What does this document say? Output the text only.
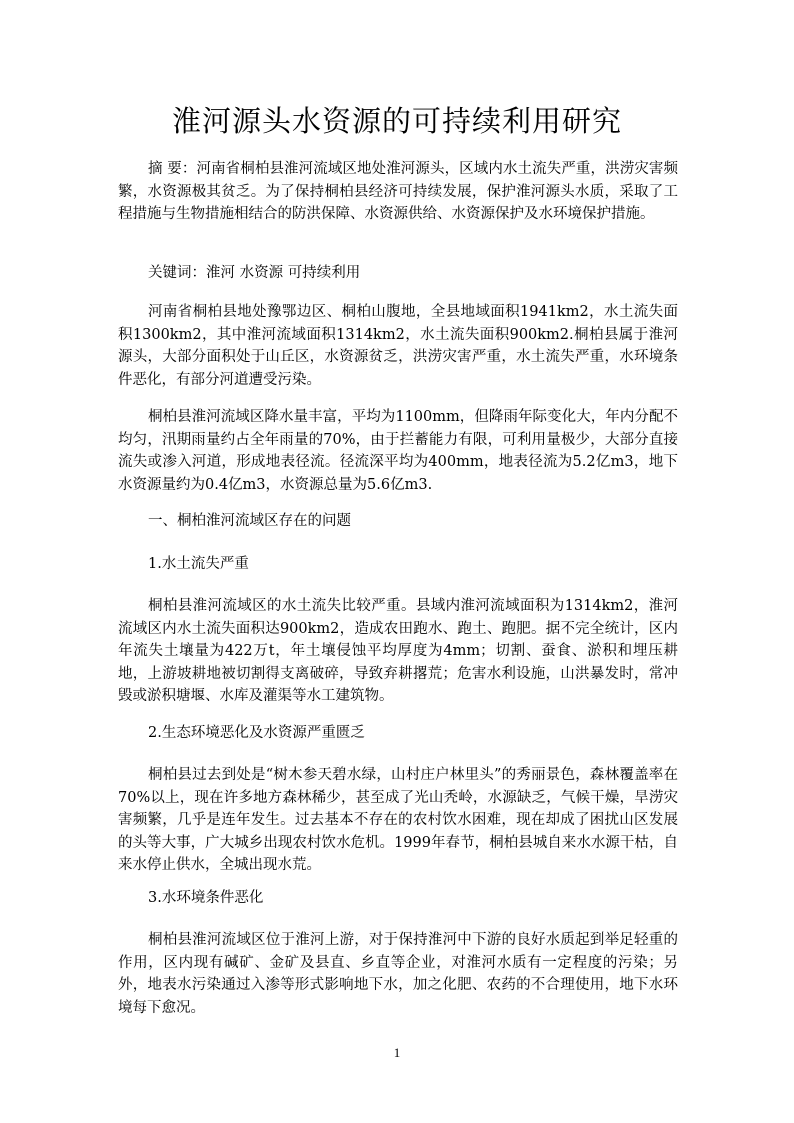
淮河源头水资源的可持续利用研究

摘 要：河南省桐柏县淮河流域区地处淮河源头，区域内水土流失严重，洪涝灾害频繁，水资源极其贫乏。为了保持桐柏县经济可持续发展，保护淮河源头水质，采取了工程措施与生物措施相结合的防洪保障、水资源供给、水资源保护及水环境保护措施。

关键词：淮河 水资源 可持续利用

河南省桐柏县地处豫鄂边区、桐柏山腹地，全县地域面积1941km2，水土流失面积1300km2，其中淮河流域面积1314km2，水土流失面积900km2.桐柏县属于淮河源头，大部分面积处于山丘区，水资源贫乏，洪涝灾害严重，水土流失严重，水环境条件恶化，有部分河道遭受污染。

桐柏县淮河流域区降水量丰富，平均为1100mm，但降雨年际变化大，年内分配不均匀，汛期雨量约占全年雨量的70%，由于拦蓄能力有限，可利用量极少，大部分直接流失或渗入河道，形成地表径流。径流深平均为400mm，地表径流为5.2亿m3，地下水资源量约为0.4亿m3，水资源总量为5.6亿m3.

一、桐柏淮河流域区存在的问题

1.水土流失严重

桐柏县淮河流域区的水土流失比较严重。县域内淮河流域面积为1314km2，淮河流域区内水土流失面积达900km2，造成农田跑水、跑土、跑肥。据不完全统计，区内年流失土壤量为422万t，年土壤侵蚀平均厚度为4mm；切割、蚕食、淤积和埋压耕地，上游坡耕地被切割得支离破碎，导致弃耕撂荒；危害水利设施，山洪暴发时，常冲毁或淤积塘堰、水库及灌渠等水工建筑物。

2.生态环境恶化及水资源严重匮乏

桐柏县过去到处是“树木参天碧水绿，山村庄户林里头”的秀丽景色，森林覆盖率在70%以上，现在许多地方森林稀少，甚至成了光山秃岭，水源缺乏，气候干燥，旱涝灾害频繁，几乎是连年发生。过去基本不存在的农村饮水困难，现在却成了困扰山区发展的头等大事，广大城乡出现农村饮水危机。1999年春节，桐柏县城自来水水源干枯，自来水停止供水，全城出现水荒。

3.水环境条件恶化

桐柏县淮河流域区位于淮河上游，对于保持淮河中下游的良好水质起到举足轻重的作用，区内现有碱矿、金矿及县直、乡直等企业，对淮河水质有一定程度的污染；另外，地表水污染通过入渗等形式影响地下水，加之化肥、农药的不合理使用，地下水环境每下愈况。

1
